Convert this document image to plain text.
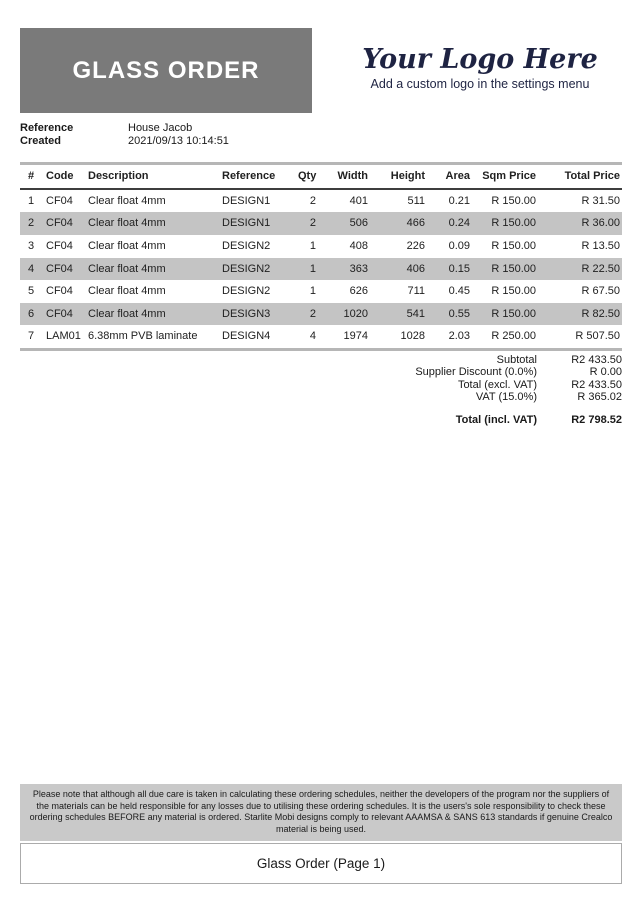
GLASS ORDER	Your Logo Here
Add a custom logo in the settings menu
Reference	House Jacob
Created	2021/09/13 10:14:51
#	Code	Description	Reference	Qty	Width	Height	Area	Sqm Price	Total Price
1	CF04	Clear float 4mm	DESIGN1	2	401	511	0.21	R 150.00	R 31.50
2	CF04	Clear float 4mm	DESIGN1	2	506	466	0.24	R 150.00	R 36.00
3	CF04	Clear float 4mm	DESIGN2	1	408	226	0.09	R 150.00	R 13.50
4	CF04	Clear float 4mm	DESIGN2	1	363	406	0.15	R 150.00	R 22.50
5	CF04	Clear float 4mm	DESIGN2	1	626	711	0.45	R 150.00	R 67.50
6	CF04	Clear float 4mm	DESIGN3	2	1020	541	0.55	R 150.00	R 82.50
7	LAM01	6.38mm PVB laminate	DESIGN4	4	1974	1028	2.03	R 250.00	R 507.50
Subtotal	R2 433.50
Supplier Discount (0.0%)	R 0.00
Total (excl. VAT)	R2 433.50
VAT (15.0%)	R 365.02
Total (incl. VAT)	R2 798.52
Please note that although all due care is taken in calculating these ordering schedules, neither the developers of the program nor the suppliers of the materials can be held responsible for any losses due to utilising these ordering schedules. It is the users's sole responsibility to check these ordering schedules BEFORE any material is ordered. Starlite Mobi designs comply to relevant AAAMSA & SANS 613 standards if genuine Crealco material is being used.
Glass Order (Page 1)
